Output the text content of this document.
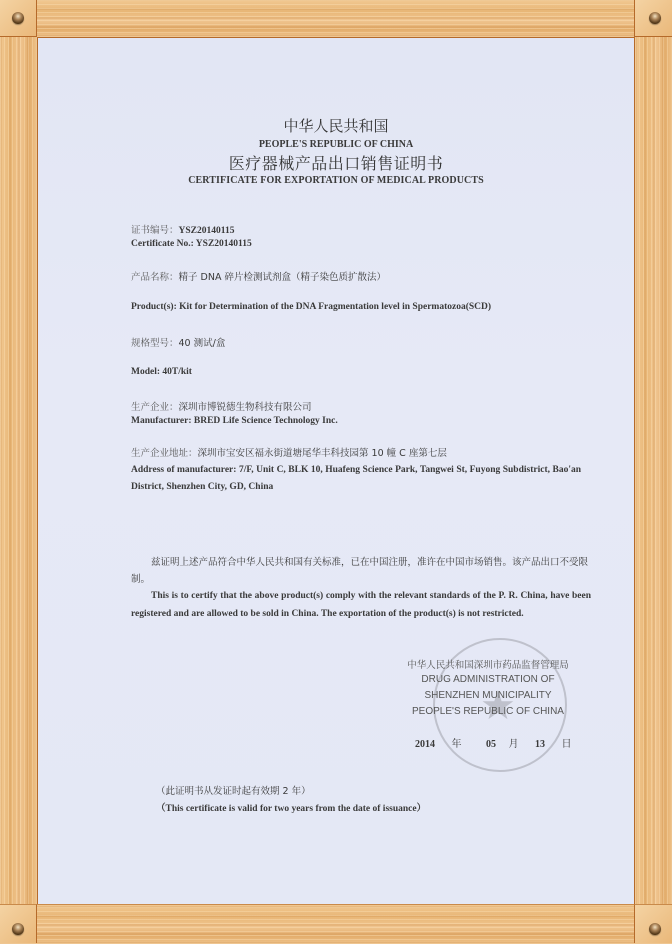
中华人民共和国
PEOPLE'S REPUBLIC OF CHINA
医疗器械产品出口销售证明书
CERTIFICATE FOR EXPORTATION OF MEDICAL PRODUCTS
证书编号：YSZ20140115
Certificate No.: YSZ20140115
产品名称：精子 DNA 碎片检测试剂盒（精子染色质扩散法）
Product(s): Kit for Determination of the DNA Fragmentation level in Spermatozoa(SCD)
规格型号：40 测试/盒
Model: 40T/kit
生产企业：深圳市博锐德生物科技有限公司
Manufacturer: BRED Life Science Technology Inc.
生产企业地址：深圳市宝安区福永街道塘尾华丰科技园第 10 幢 C 座第七层
Address of manufacturer: 7/F, Unit C, BLK 10, Huafeng Science Park, Tangwei St, Fuyong Subdistrict, Bao'an District, Shenzhen City, GD, China
兹证明上述产品符合中华人民共和国有关标准，已在中国注册，准许在中国市场销售。该产品出口不受限制。
This is to certify that the above product(s) comply with the relevant standards of the P. R. China, have been registered and are allowed to be sold in China. The exportation of the product(s) is not restricted.
★
中华人民共和国深圳市药品监督管理局
DRUG ADMINISTRATION OF
SHENZHEN MUNICIPALITY
PEOPLE'S REPUBLIC OF CHINA
2014 年 05 月 13 日
（此证明书从发证时起有效期 2 年）
（This certificate is valid for two years from the date of issuance）
